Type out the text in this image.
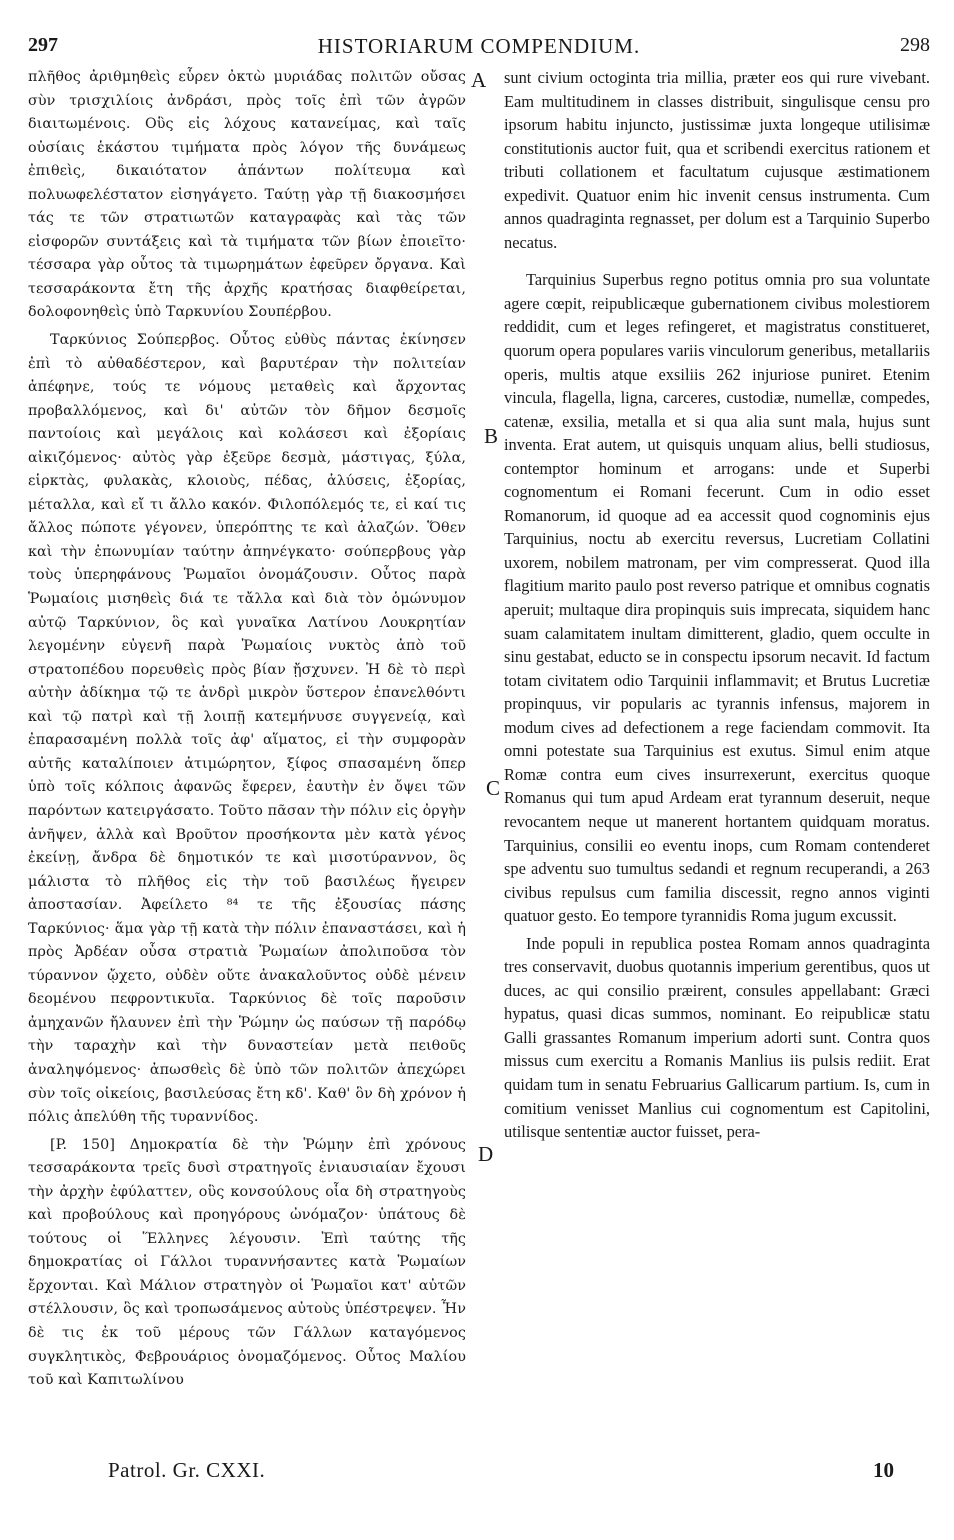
297	HISTORIARUM COMPENDIUM.	298

πλῆθος ἀριθμηθεὶς εὗρεν ὀκτὼ μυριάδας πολιτῶν οὔσας σὺν τρισχιλίοις ἀνδράσι, πρὸς τοῖς ἐπὶ τῶν ἀγρῶν διαιτωμένοις. Οὓς εἰς λόχους κατανείμας, καὶ ταῖς οὐσίαις ἑκάστου τιμήματα πρὸς λόγον τῆς δυνάμεως ἐπιθεὶς, δικαιότατον ἁπάντων πολίτευμα καὶ πολυωφελέστατον εἰσηγάγετο. Ταύτῃ γὰρ τῇ διακοσμήσει τάς τε τῶν στρατιωτῶν καταγραφὰς καὶ τὰς τῶν εἰσφορῶν συντάξεις καὶ τὰ τιμήματα τῶν βίων ἐποιεῖτο· τέσσαρα γὰρ οὗτος τὰ τιμωρημάτων ἐφεῦρεν ὄργανα. Καὶ τεσσαράκοντα ἔτη τῆς ἀρχῆς κρατήσας διαφθείρεται, δολοφονηθεὶς ὑπὸ Ταρκυνίου Σουπέρβου.

Ταρκύνιος Σούπερβος. Οὗτος εὐθὺς πάντας ἐκίνησεν ἐπὶ τὸ αὐθαδέστερον, καὶ βαρυτέραν τὴν πολιτείαν ἀπέφηνε, τούς τε νόμους μεταθεὶς καὶ ἄρχοντας προβαλλόμενος, καὶ δι' αὐτῶν τὸν δῆμον δεσμοῖς παντοίοις καὶ μεγάλοις καὶ κολάσεσι καὶ ἐξορίαις αἰκιζόμενος· αὐτὸς γὰρ ἐξεῦρε δεσμὰ, μάστιγας, ξύλα, εἱρκτὰς, φυλακὰς, κλοιοὺς, πέδας, ἁλύσεις, ἐξορίας, μέταλλα, καὶ εἴ τι ἄλλο κακόν. Φιλοπόλεμός τε, εἰ καί τις ἄλλος πώποτε γέγονεν, ὑπερόπτης τε καὶ ἀλαζών. Ὅθεν καὶ τὴν ἐπωνυμίαν ταύτην ἀπηνέγκατο· σούπερβους γὰρ τοὺς ὑπερηφάνους Ῥωμαῖοι ὀνομάζουσιν. Οὗτος παρὰ Ῥωμαίοις μισηθεὶς διά τε τἄλλα καὶ διὰ τὸν ὁμώνυμον αὐτῷ Ταρκύνιον, ὃς καὶ γυναῖκα Λατίνου Λουκρητίαν λεγομένην εὐγενῆ παρὰ Ῥωμαίοις νυκτὸς ἀπὸ τοῦ στρατοπέδου πορευθεὶς πρὸς βίαν ᾔσχυνεν. Ἡ δὲ τὸ περὶ αὐτὴν ἀδίκημα τῷ τε ἀνδρὶ μικρὸν ὕστερον ἐπανελθόντι καὶ τῷ πατρὶ καὶ τῇ λοιπῇ κατεμήνυσε συγγενείᾳ, καὶ ἐπαρασαμένη πολλὰ τοῖς ἀφ' αἵματος, εἰ τὴν συμφορὰν αὐτῆς καταλίποιεν ἀτιμώρητον, ξίφος σπασαμένη ὅπερ ὑπὸ τοῖς κόλποις ἀφανῶς ἔφερεν, ἑαυτὴν ἐν ὄψει τῶν παρόντων κατειργάσατο. Τοῦτο πᾶσαν τὴν πόλιν εἰς ὀργὴν ἀνῆψεν, ἀλλὰ καὶ Βροῦτον προσήκοντα μὲν κατὰ γένος ἐκείνῃ, ἄνδρα δὲ δημοτικόν τε καὶ μισοτύραννον, ὃς μάλιστα τὸ πλῆθος εἰς τὴν τοῦ βασιλέως ἤγειρεν ἀποστασίαν. Ἀφείλετο ⁸⁴ τε τῆς ἐξουσίας πάσης Ταρκύνιος· ἅμα γὰρ τῇ κατὰ τὴν πόλιν ἐπαναστάσει, καὶ ἡ πρὸς Ἀρδέαν οὖσα στρατιὰ Ῥωμαίων ἀπολιποῦσα τὸν τύραννον ᾤχετο, οὐδὲν οὔτε ἀνακαλοῦντος οὐδὲ μένειν δεομένου πεφροντικυῖα. Ταρκύνιος δὲ τοῖς παροῦσιν ἀμηχανῶν ἤλαυνεν ἐπὶ τὴν Ῥώμην ὡς παύσων τῇ παρόδῳ τὴν ταραχὴν καὶ τὴν δυναστείαν μετὰ πειθοῦς ἀναληψόμενος· ἀπωσθεὶς δὲ ὑπὸ τῶν πολιτῶν ἀπεχώρει σὺν τοῖς οἰκείοις, βασιλεύσας ἔτη κδ'. Καθ' ὃν δὴ χρόνον ἡ πόλις ἀπελύθη τῆς τυραννίδος.

[P. 150] Δημοκρατία δὲ τὴν Ῥώμην ἐπὶ χρόνους τεσσαράκοντα τρεῖς δυσὶ στρατηγοῖς ἐνιαυσιαίαν ἔχουσι τὴν ἀρχὴν ἐφύλαττεν, οὓς κονσούλους οἷα δὴ στρατηγοὺς καὶ προβούλους καὶ προηγόρους ὠνόμαζον· ὑπάτους δὲ τούτους οἱ Ἕλληνες λέγουσιν. Ἐπὶ ταύτης τῆς δημοκρατίας οἱ Γάλλοι τυραννήσαντες κατὰ Ῥωμαίων ἔρχονται. Καὶ Μάλιον στρατηγὸν οἱ Ῥωμαῖοι κατ' αὐτῶν στέλλουσιν, ὃς καὶ τροπωσάμενος αὐτοὺς ὑπέστρεψεν. Ἦν δὲ τις ἐκ τοῦ μέρους τῶν Γάλλων καταγόμενος συγκλητικὸς, Φεβρουάριος ὀνομαζόμενος. Οὗτος Μαλίου τοῦ καὶ Καπιτωλίνου

A
B
C
D

sunt civium octoginta tria millia, præter eos qui rure vivebant. Eam multitudinem in classes distribuit, singulisque censu pro ipsorum habitu injuncto, justissimæ juxta longeque utilisimæ constitutionis auctor fuit, qua et scribendi exercitus rationem et tributi collationem et facultatum cujusque æstimationem expedivit. Quatuor enim hic invenit census instrumenta. Cum annos quadraginta regnasset, per dolum est a Tarquinio Superbo necatus.

Tarquinius Superbus regno potitus omnia pro sua voluntate agere cœpit, reipublicæque gubernationem civibus molestiorem reddidit, cum et leges refingeret, et magistratus constitueret, quorum opera populares variis vinculorum generibus, metallariis operis, multis atque exsiliis 262 injuriose puniret. Etenim vincula, flagella, ligna, carceres, custodiæ, numellæ, compedes, catenæ, exsilia, metalla et si qua alia sunt mala, hujus sunt inventa. Erat autem, ut quisquis unquam alius, belli studiosus, contemptor hominum et arrogans: unde et Superbi cognomentum ei Romani fecerunt. Cum in odio esset Romanorum, id quoque ad ea accessit quod cognominis ejus Tarquinius, noctu ab exercitu reversus, Lucretiam Collatini uxorem, nobilem matronam, per vim compresserat. Quod illa flagitium marito paulo post reverso patrique et omnibus cognatis aperuit; multaque dira propinquis suis imprecata, siquidem hanc suam calamitatem inultam dimitterent, gladio, quem occulte in sinu gestabat, educto se in conspectu ipsorum necavit. Id factum totam civitatem odio Tarquinii inflammavit; et Brutus Lucretiæ propinquus, vir popularis ac tyrannis infensus, majorem in modum cives ad defectionem a rege faciendam commovit. Ita omni potestate sua Tarquinius est exutus. Simul enim atque Romæ contra eum cives insurrexerunt, exercitus quoque Romanus qui tum apud Ardeam erat tyrannum deseruit, neque revocantem neque ut manerent hortantem quidquam moratus. Tarquinius, consilii eo eventu inops, cum Romam contenderet spe adventu suo tumultus sedandi et regnum recuperandi, a 263 civibus repulsus cum familia discessit, regno annos viginti quatuor gesto. Eo tempore tyrannidis Roma jugum excussit.

Inde populi in republica postea Romam annos quadraginta tres conservavit, duobus quotannis imperium gerentibus, quos ut duces, ac qui consilio præirent, consules appellabant: Græci hypatus, quasi dicas summos, nominant. Eo reipublicæ statu Galli grassantes Romanum imperium adorti sunt. Contra quos missus cum exercitu a Romanis Manlius iis pulsis rediit. Erat quidam tum in senatu Februarius Gallicarum partium. Is, cum in comitium venisset Manlius cui cognomentum est Capitolini, utilisque sententiæ auctor fuisset, pera-

Patrol. Gr. CXXI.	10
